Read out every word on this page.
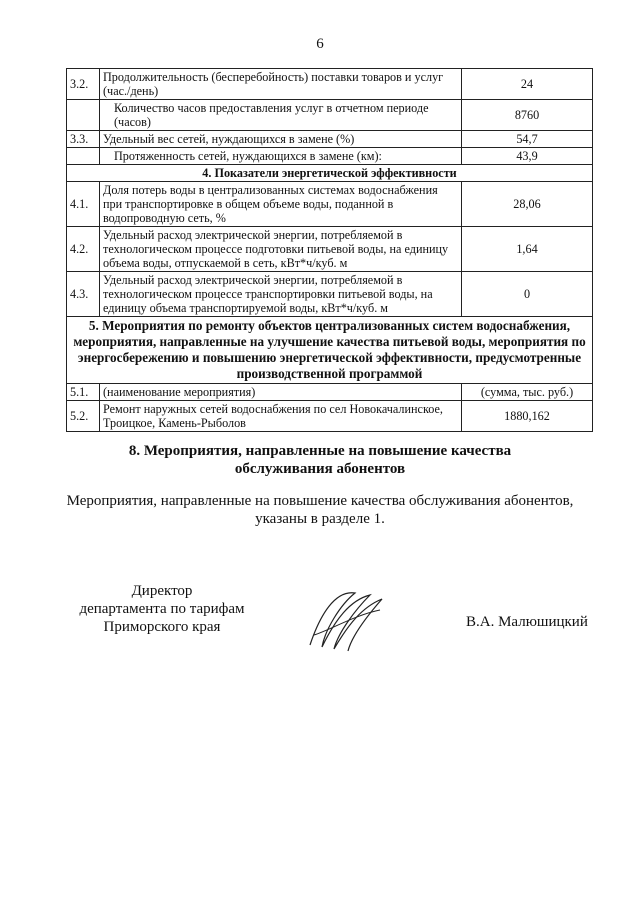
6
3.2.	Продолжительность (бесперебойность) поставки товаров и услуг (час./день)	24
	Количество часов предоставления услуг в отчетном периоде (часов)	8760
3.3.	Удельный вес сетей, нуждающихся в замене (%)	54,7
	Протяженность сетей, нуждающихся в замене (км):	43,9
4. Показатели энергетической эффективности		
4.1.	Доля потерь воды в централизованных системах водоснабжения при транспортировке в общем объеме воды, поданной в водопроводную сеть, %	28,06
4.2.	Удельный расход электрической энергии, потребляемой в технологическом процессе подготовки питьевой воды, на единицу объема воды, отпускаемой в сеть, кВт*ч/куб. м	1,64
4.3.	Удельный расход электрической энергии, потребляемой в технологическом процессе транспортировки питьевой воды, на единицу объема транспортируемой воды, кВт*ч/куб. м	0
5. Мероприятия по ремонту объектов централизованных систем водоснабжения, мероприятия, направленные на улучшение качества питьевой воды, мероприятия по энергосбережению и повышению энергетической эффективности, предусмотренные производственной программой		
5.1.	(наименование мероприятия)	(сумма, тыс. руб.)
5.2.	Ремонт наружных сетей водоснабжения по сел Новокачалинское, Троицкое, Камень-Рыболов	1880,162
8. Мероприятия, направленные на повышение качества обслуживания абонентов

Мероприятия, направленные на повышение качества обслуживания абонентов, указаны в разделе 1.

Директор
департамента по тарифам
Приморского края	В.А. Малюшицкий
